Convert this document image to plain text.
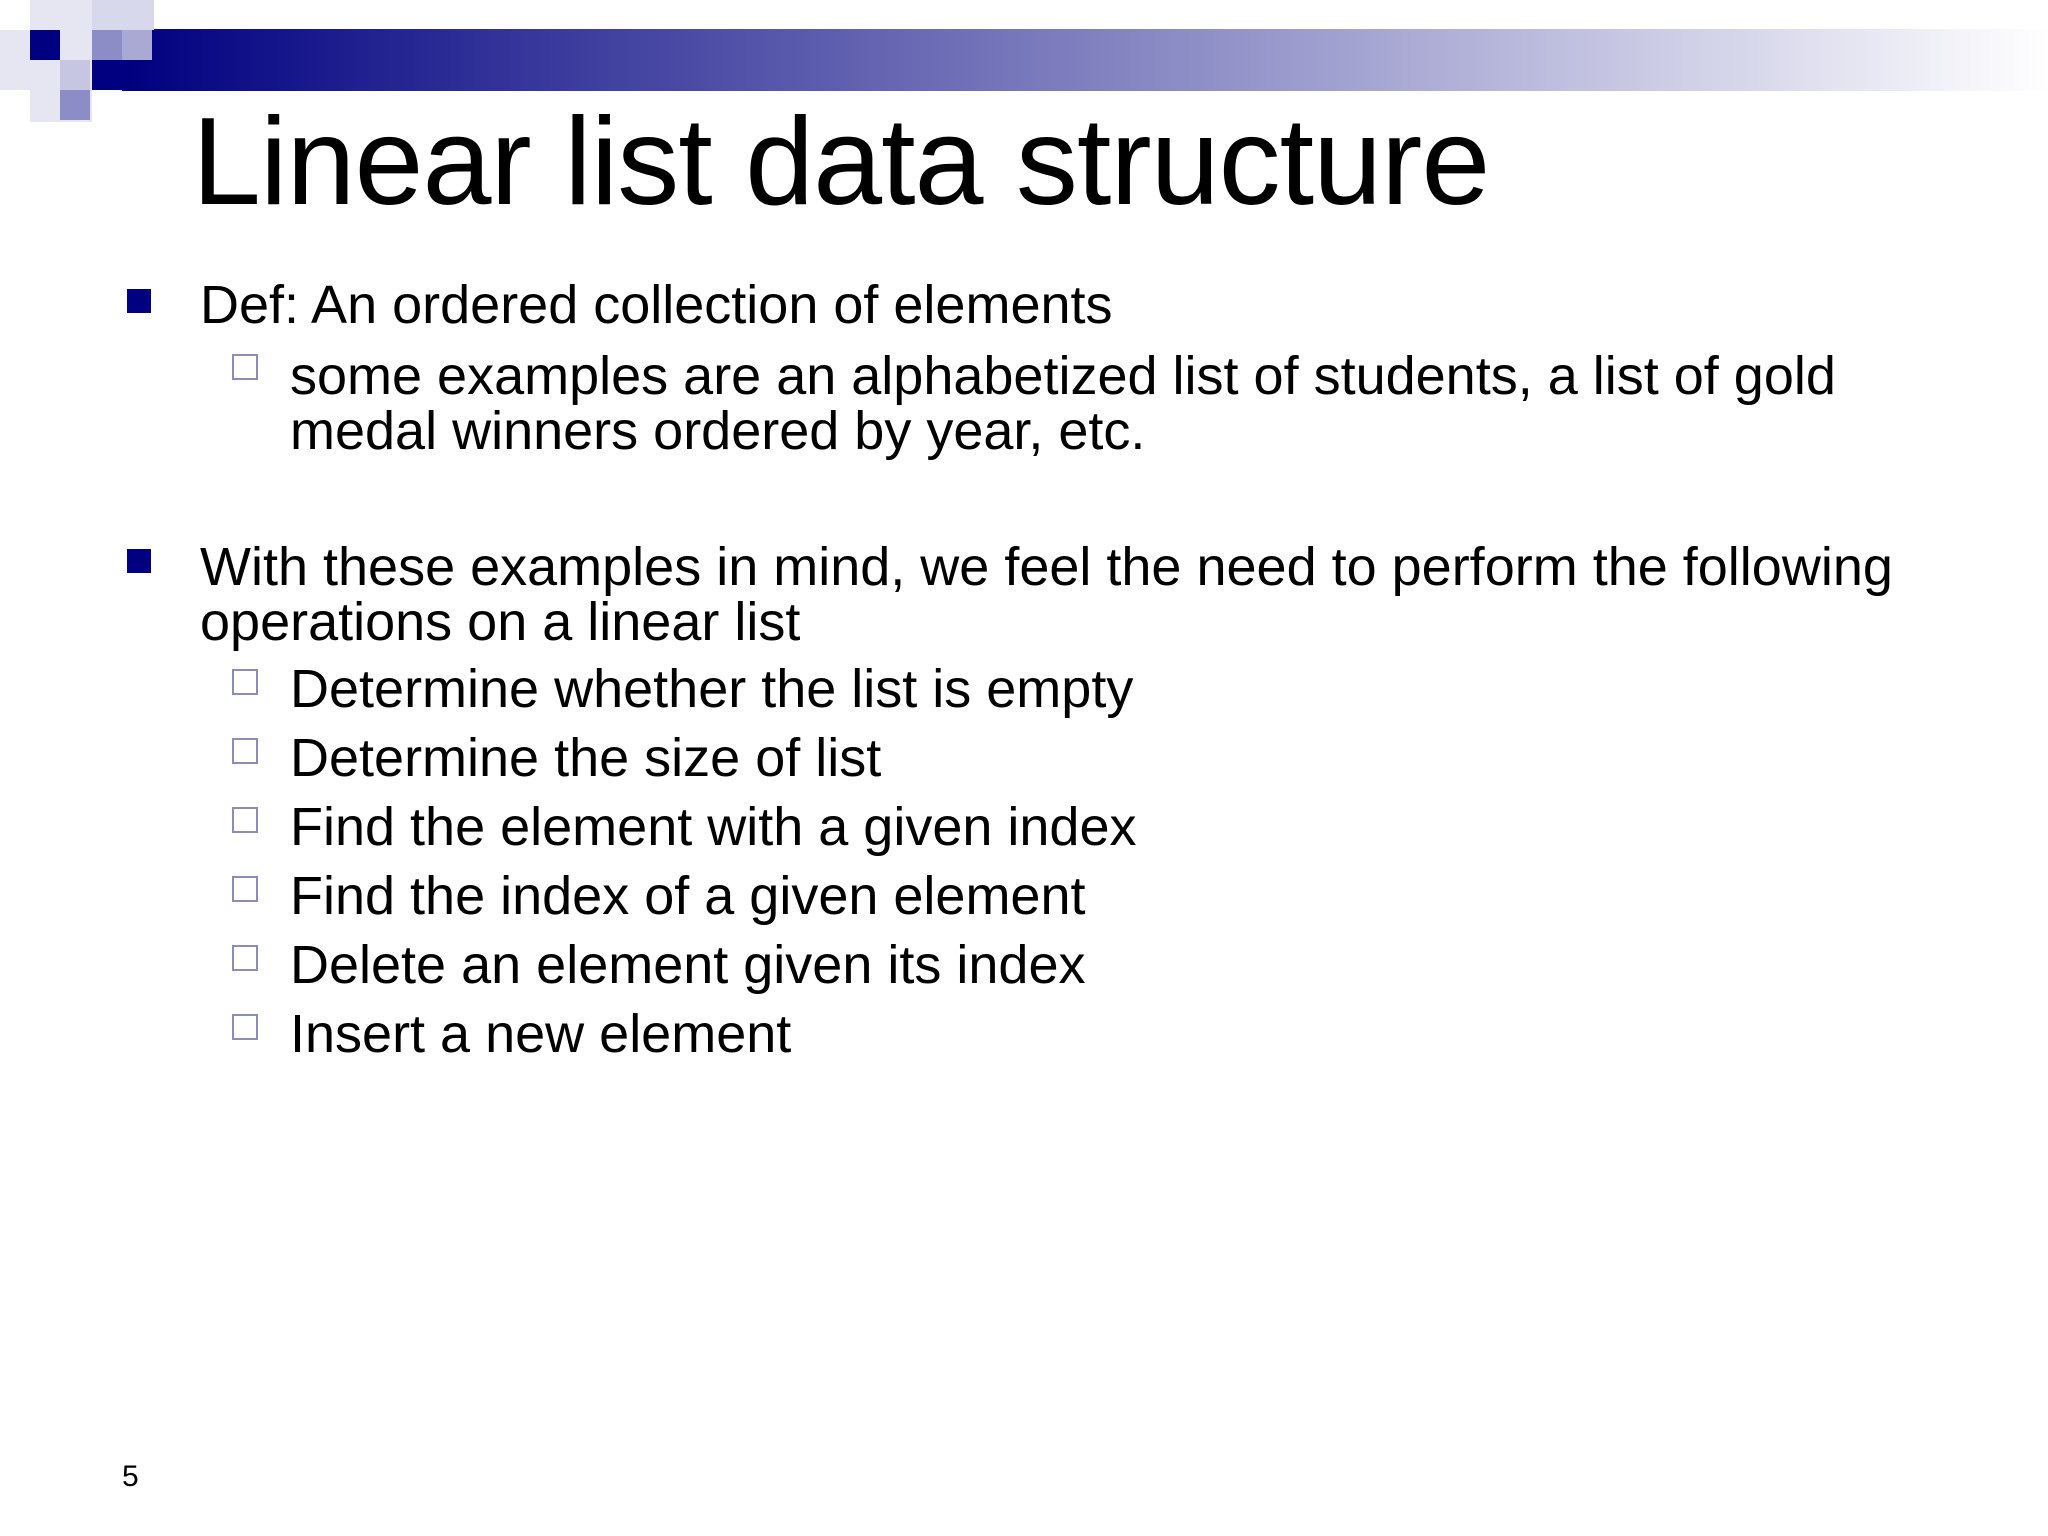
Linear list data structure

Def: An ordered collection of elements

some examples are an alphabetized list of students, a list of gold medal winners ordered by year, etc.

With these examples in mind, we feel the need to perform the following operations on a linear list

Determine whether the list is empty

Determine the size of list

Find the element with a given index

Find the index of a given element

Delete an element given its index

Insert a new element

5
